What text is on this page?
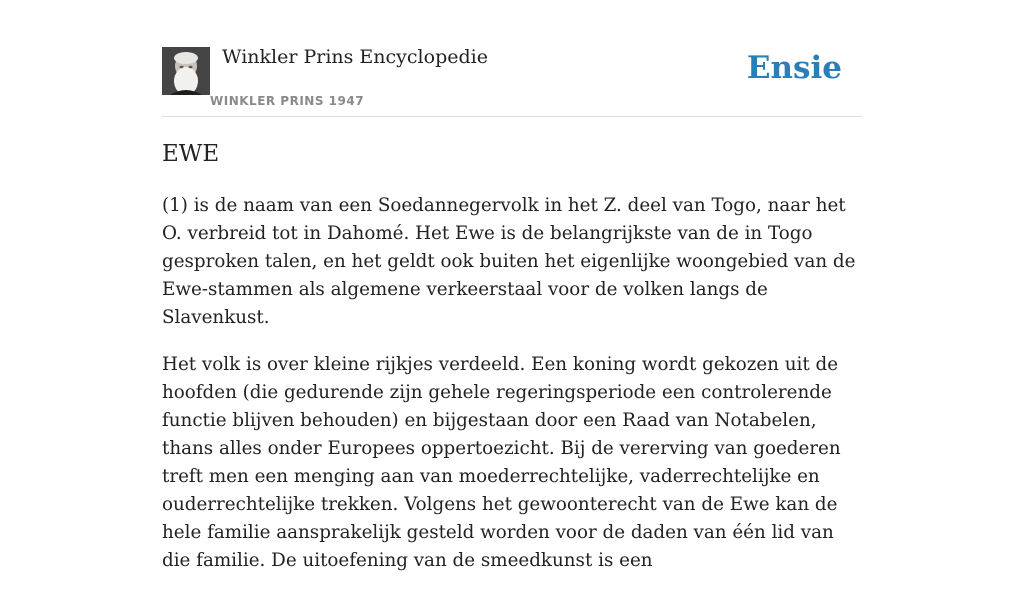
Winkler Prins Encyclopedie
WINKLER PRINS 1947
Ensie
EWE

(1) is de naam van een Soedannegervolk in het Z. deel van Togo, naar het O. verbreid tot in Dahomé. Het Ewe is de belangrijkste van de in Togo gesproken talen, en het geldt ook buiten het eigenlijke woongebied van de Ewe-stammen als algemene verkeerstaal voor de volken langs de Slavenkust.

Het volk is over kleine rijkjes verdeeld. Een koning wordt gekozen uit de hoofden (die gedurende zijn gehele regeringsperiode een controlerende functie blijven behouden) en bijgestaan door een Raad van Notabelen, thans alles onder Europees oppertoezicht. Bij de vererving van goederen treft men een menging aan van moederrechtelijke, vaderrechtelijke en ouderrechtelijke trekken. Volgens het gewoonterecht van de Ewe kan de hele familie aansprakelijk gesteld worden voor de daden van één lid van die familie. De uitoefening van de smeedkunst is een
